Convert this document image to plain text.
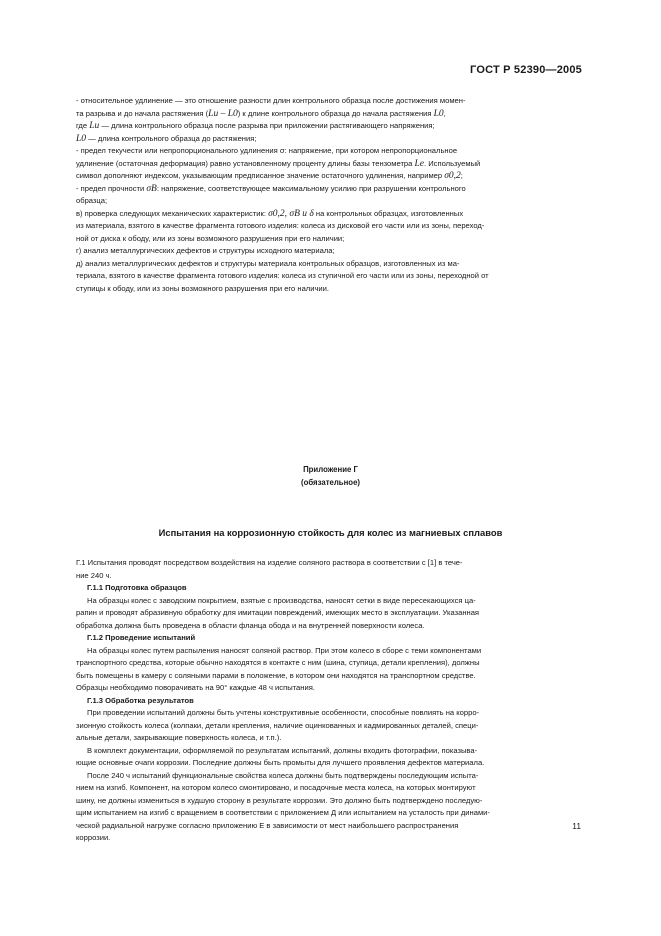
ГОСТ Р 52390—2005

- относительное удлинение — это отношение разности длин контрольного образца после достижения момен-

та разрыва и до начала растяжения (Lu – L0) к длине контрольного образца до начала растяжения L0,

где Lu — длина контрольного образца после разрыва при приложении растягивающего напряжения;

L0 — длина контрольного образца до растяжения;

- предел текучести или непропорционального удлинения σ: напряжение, при котором непропорциональное

удлинение (остаточная деформация) равно установленному проценту длины базы тензометра Le. Используемый

символ дополняют индексом, указывающим предписанное значение остаточного удлинения, например σ0,2;

- предел прочности σB: напряжение, соответствующее максимальному усилию при разрушении контрольного

образца;

в) проверка следующих механических характеристик: σ0,2, σB и δ на контрольных образцах, изготовленных

из материала, взятого в качестве фрагмента готового изделия: колеса из дисковой его части или из зоны, переход-

ной от диска к ободу, или из зоны возможного разрушения при его наличии;

г) анализ металлургических дефектов и структуры исходного материала;

д) анализ металлургических дефектов и структуры материала контрольных образцов, изготовленных из ма-

териала, взятого в качестве фрагмента готового изделия: колеса из ступичной его части или из зоны, переходной от

ступицы к ободу, или из зоны возможного разрушения при его наличии.

Приложение Г
(обязательное)
Испытания на коррозионную стойкость для колес из магниевых сплавов

Г.1 Испытания проводят посредством воздействия на изделие соляного раствора в соответствии с [1] в тече-

ние 240 ч.

Г.1.1 Подготовка образцов

На образцы колес с заводским покрытием, взятые с производства, наносят сетки в виде пересекающихся ца-

рапин и проводят абразивную обработку для имитации повреждений, имеющих место в эксплуатации. Указанная

обработка должна быть проведена в области фланца обода и на внутренней поверхности колеса.

Г.1.2 Проведение испытаний

На образцы колес путем распыления наносят соляной раствор. При этом колесо в сборе с теми компонентами

транспортного средства, которые обычно находятся в контакте с ним (шина, ступица, детали крепления), должны

быть помещены в камеру с соляными парами в положение, в котором они находятся на транспортном средстве.

Образцы необходимо поворачивать на 90° каждые 48 ч испытания.

Г.1.3 Обработка результатов

При проведении испытаний должны быть учтены конструктивные особенности, способные повлиять на корро-

зионную стойкость колеса (колпаки, детали крепления, наличие оцинкованных и кадмированных деталей, специ-

альные детали, закрывающие поверхность колеса, и т.п.).

В комплект документации, оформляемой по результатам испытаний, должны входить фотографии, показыва-

ющие основные очаги коррозии. Последние должны быть промыты для лучшего проявления дефектов материала.

После 240 ч испытаний функциональные свойства колеса должны быть подтверждены последующим испыта-

нием на изгиб. Компонент, на котором колесо смонтировано, и посадочные места колеса, на которых монтируют

шину, не должны измениться в худшую сторону в результате коррозии. Это должно быть подтверждено последую-

щим испытанием на изгиб с вращением в соответствии с приложением Д или испытанием на усталость при динами-

ческой радиальной нагрузке согласно приложению Е в зависимости от мест наибольшего распространения

коррозии.

11
